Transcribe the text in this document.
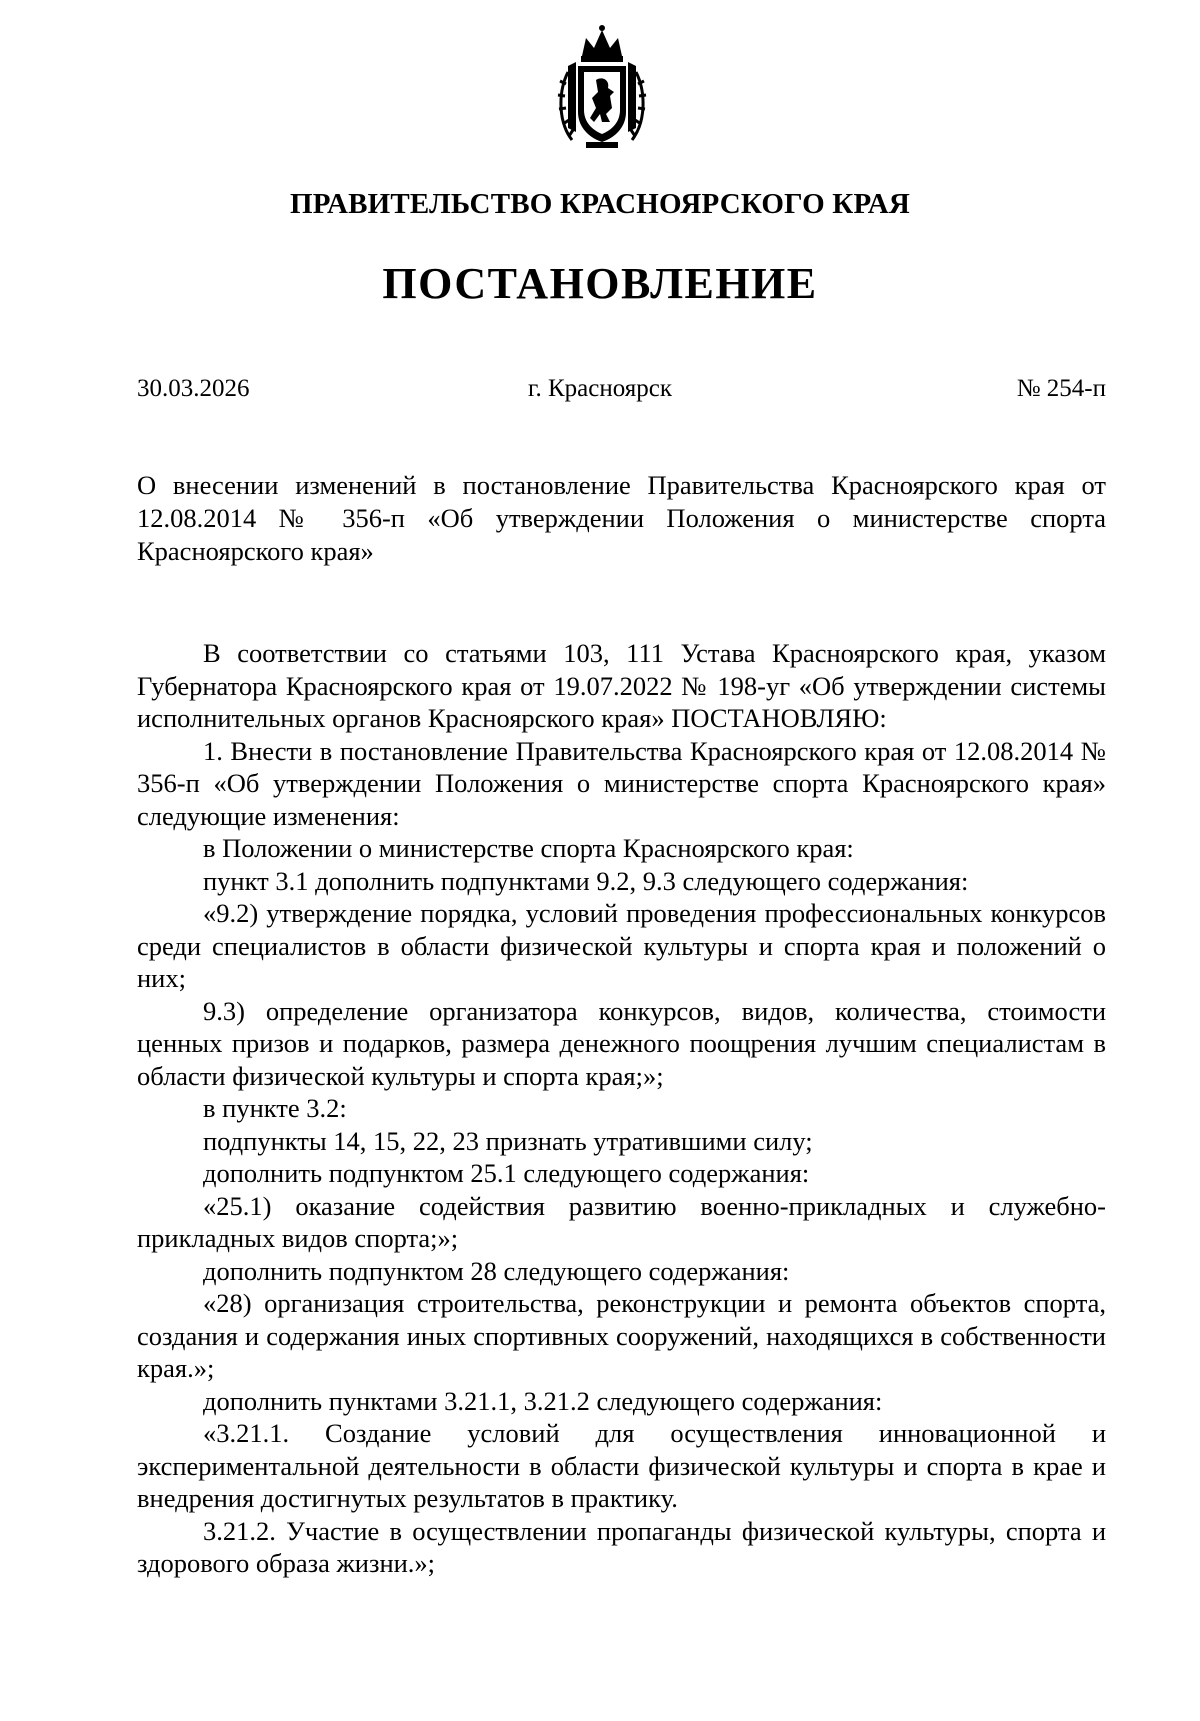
ПРАВИТЕЛЬСТВО КРАСНОЯРСКОГО КРАЯ
ПОСТАНОВЛЕНИЕ
30.03.2026	г. Красноярск	№ 254-п
О внесении изменений в постановление Правительства Красноярского края от 12.08.2014 № 356-п «Об утверждении Положения о министерстве спорта Красноярского края»

В соответствии со статьями 103, 111 Устава Красноярского края, указом Губернатора Красноярского края от 19.07.2022 № 198-уг «Об утверждении системы исполнительных органов Красноярского края» ПОСТАНОВЛЯЮ:

1. Внести в постановление Правительства Красноярского края от 12.08.2014 № 356-п «Об утверждении Положения о министерстве спорта Красноярского края» следующие изменения:

в Положении о министерстве спорта Красноярского края:

пункт 3.1 дополнить подпунктами 9.2, 9.3 следующего содержания:

«9.2) утверждение порядка, условий проведения профессиональных конкурсов среди специалистов в области физической культуры и спорта края и положений о них;

9.3) определение организатора конкурсов, видов, количества, стоимости ценных призов и подарков, размера денежного поощрения лучшим специалистам в области физической культуры и спорта края;»;

в пункте 3.2:

подпункты 14, 15, 22, 23 признать утратившими силу;

дополнить подпунктом 25.1 следующего содержания:

«25.1) оказание содействия развитию военно-прикладных и служебно-прикладных видов спорта;»;

дополнить подпунктом 28 следующего содержания:

«28) организация строительства, реконструкции и ремонта объектов спорта, создания и содержания иных спортивных сооружений, находящихся в собственности края.»;

дополнить пунктами 3.21.1, 3.21.2 следующего содержания:

«3.21.1. Создание условий для осуществления инновационной и экспериментальной деятельности в области физической культуры и спорта в крае и внедрения достигнутых результатов в практику.

3.21.2. Участие в осуществлении пропаганды физической культуры, спорта и здорового образа жизни.»;
